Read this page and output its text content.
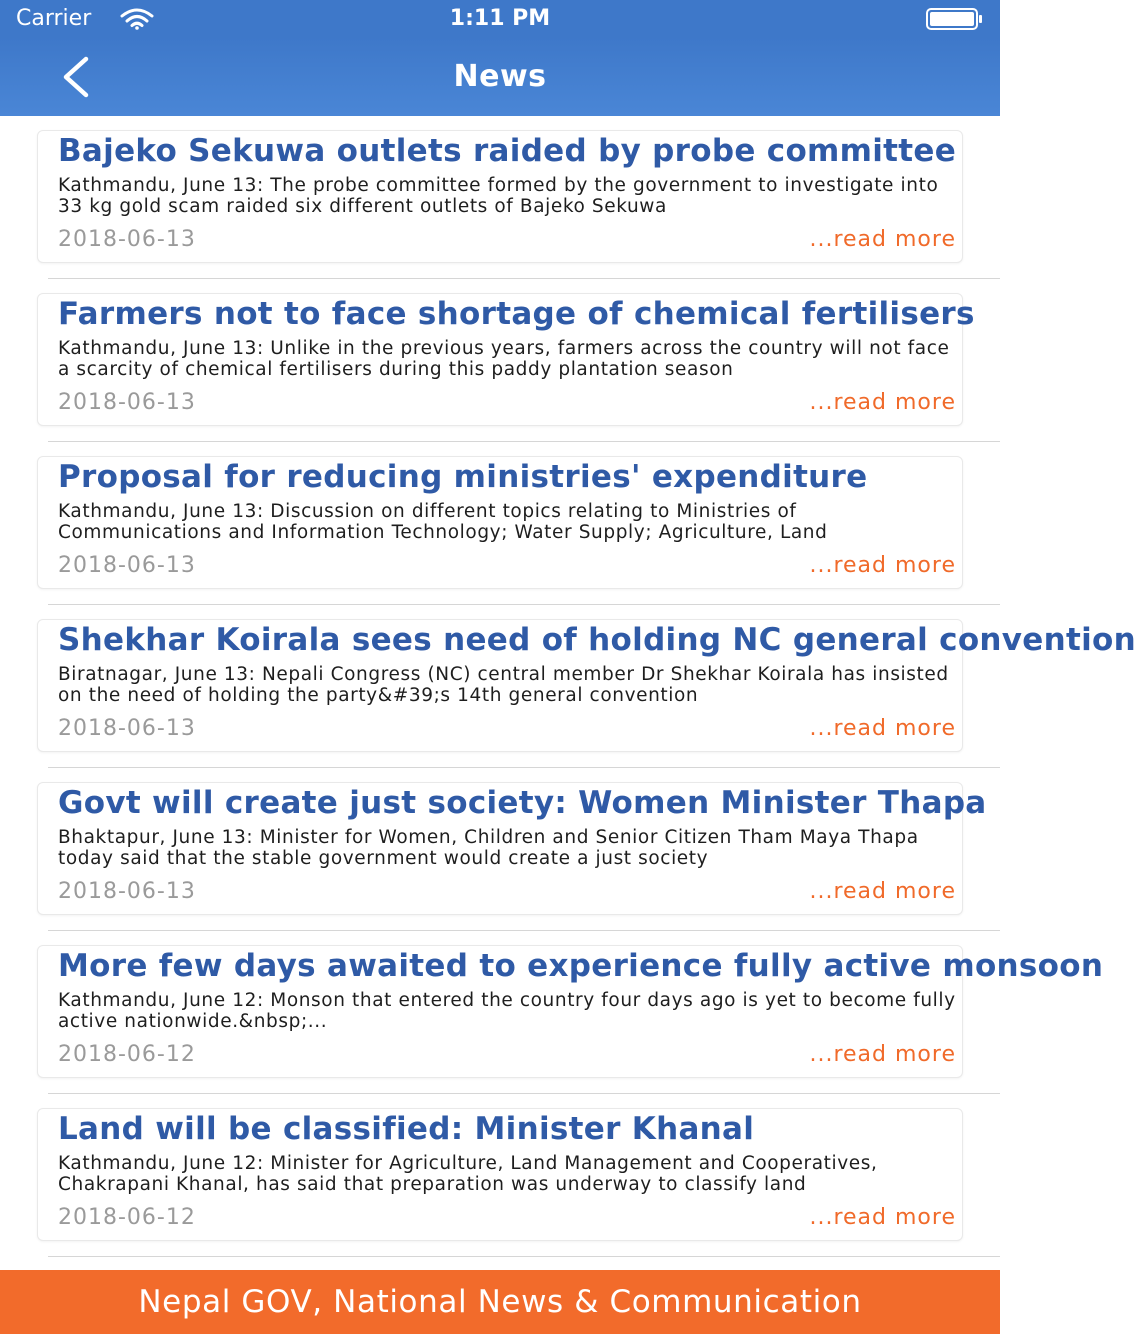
Carrier	1:11 PM
News
Bajeko Sekuwa outlets raided by probe committee
Kathmandu, June 13: The probe committee formed by the government to investigate into 33 kg gold scam raided six different outlets of Bajeko Sekuwa
2018-06-13	...read more
Farmers not to face shortage of chemical fertilisers
Kathmandu, June 13: Unlike in the previous years, farmers across the country will not face a scarcity of chemical fertilisers during this paddy plantation season
2018-06-13	...read more
Proposal for reducing ministries' expenditure
Kathmandu, June 13: Discussion on different topics relating to Ministries of Communications and Information Technology; Water Supply; Agriculture, Land
2018-06-13	...read more
Shekhar Koirala sees need of holding NC general convention
Biratnagar, June 13: Nepali Congress (NC) central member Dr Shekhar Koirala has insisted on the need of holding the party&#39;s 14th general convention
2018-06-13	...read more
Govt will create just society: Women Minister Thapa
Bhaktapur, June 13: Minister for Women, Children and Senior Citizen Tham Maya Thapa today said that the stable government would create a just society
2018-06-13	...read more
More few days awaited to experience fully active monsoon
Kathmandu, June 12: Monson that entered the country four days ago is yet to become fully active nationwide.&nbsp;...
2018-06-12	...read more
Land will be classified: Minister Khanal
Kathmandu, June 12: Minister for Agriculture, Land Management and Cooperatives, Chakrapani Khanal, has said that preparation was underway to classify land
2018-06-12	...read more
Nepal GOV, National News & Communication
